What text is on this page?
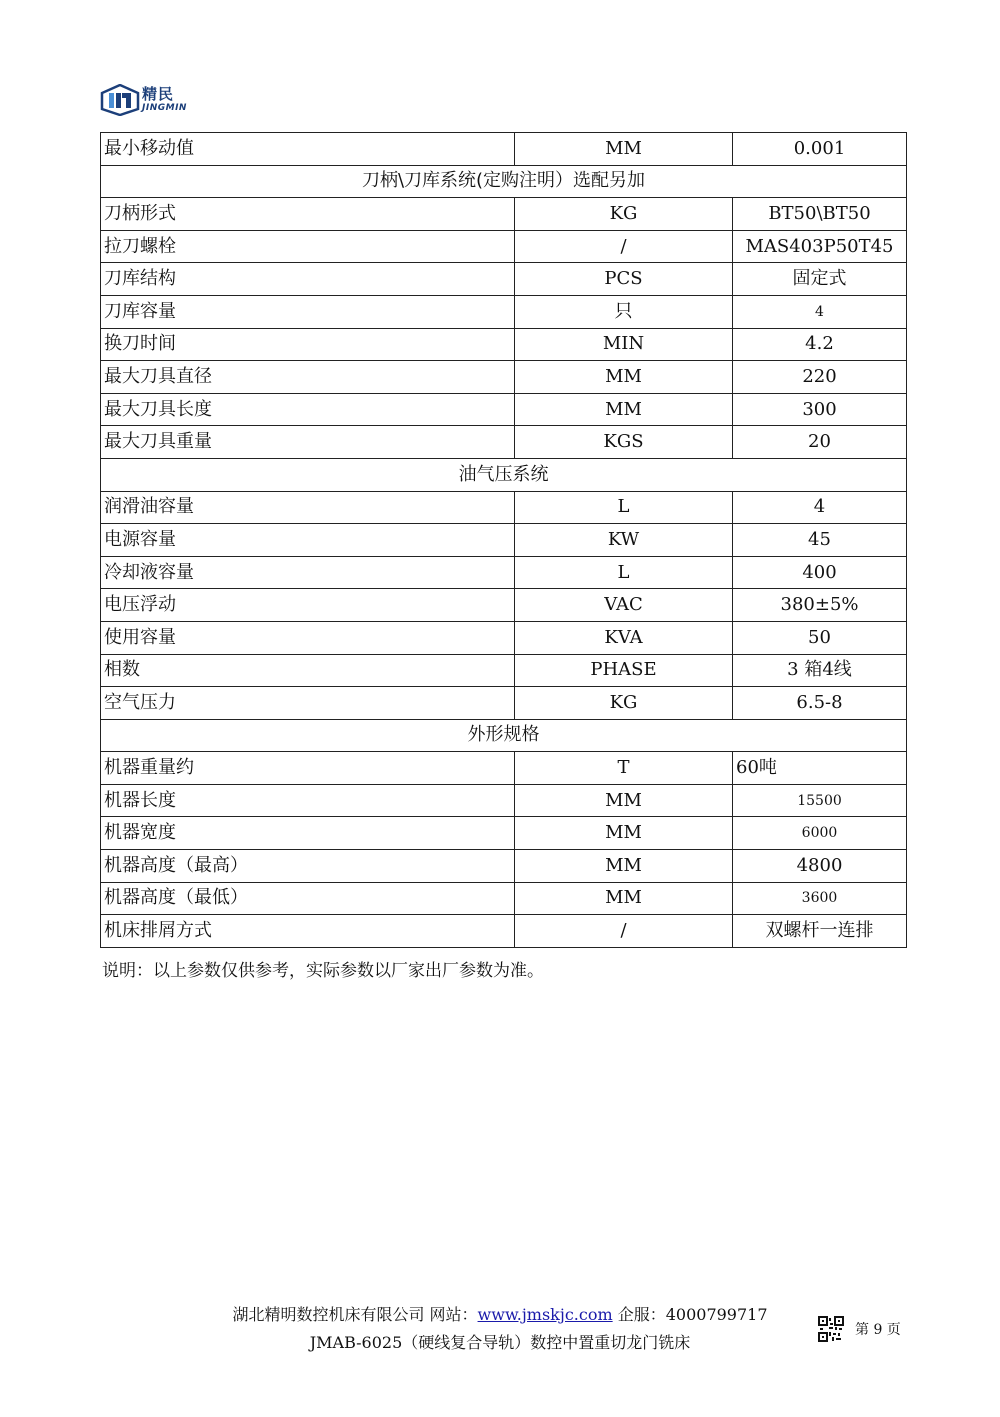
精民
JINGMIN
最小移动值	MM	0.001
刀柄\刀库系统(定购注明）选配另加		
刀柄形式	KG	BT50\BT50
拉刀螺栓	/	MAS403P50T45
刀库结构	PCS	固定式
刀库容量	只	4
换刀时间	MIN	4.2
最大刀具直径	MM	220
最大刀具长度	MM	300
最大刀具重量	KGS	20
油气压系统		
润滑油容量	L	4
电源容量	KW	45
冷却液容量	L	400
电压浮动	VAC	380±5%
使用容量	KVA	50
相数	PHASE	3 箱4线
空气压力	KG	6.5-8
外形规格		
机器重量约	T	60吨
机器长度	MM	15500
机器宽度	MM	6000
机器高度（最高）	MM	4800
机器高度（最低）	MM	3600
机床排屑方式	/	双螺杆一连排
说明：以上参数仅供参考，实际参数以厂家出厂参数为准。
湖北精明数控机床有限公司 网站：www.jmskjc.com 企服：4000799717
JMAB-6025（硬线复合导轨）数控中置重切龙门铣床
第 9 页
